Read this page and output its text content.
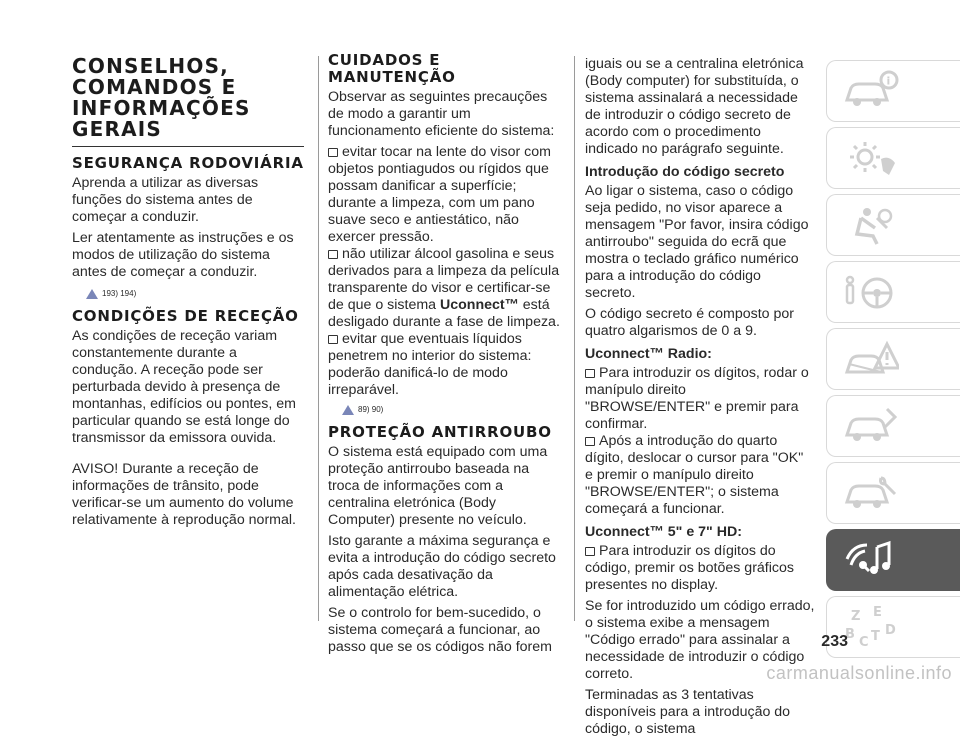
CONSELHOS, COMANDOS E INFORMAÇÕES GERAIS
SEGURANÇA RODOVIÁRIA

Aprenda a utilizar as diversas funções do sistema antes de começar a conduzir.

Ler atentamente as instruções e os modos de utilização do sistema antes de começar a conduzir.

193) 194)
CONDIÇÕES DE RECEÇÃO

As condições de receção variam constantemente durante a condução. A receção pode ser perturbada devido à presença de montanhas, edifícios ou pontes, em particular quando se está longe do transmissor da emissora ouvida.

AVISO! Durante a receção de informações de trânsito, pode verificar-se um aumento do volume relativamente à reprodução normal.

CUIDADOS E MANUTENÇÃO

Observar as seguintes precauções de modo a garantir um funcionamento eficiente do sistema:

evitar tocar na lente do visor com objetos pontiagudos ou rígidos que possam danificar a superfície; durante a limpeza, com um pano suave seco e antiestático, não exercer pressão.

não utilizar álcool gasolina e seus derivados para a limpeza da película transparente do visor e certificar-se de que o sistema Uconnect™ está desligado durante a fase de limpeza.

evitar que eventuais líquidos penetrem no interior do sistema: poderão danificá-lo de modo irreparável.

89) 90)
PROTEÇÃO ANTIRROUBO

O sistema está equipado com uma proteção antirroubo baseada na troca de informações com a centralina eletrónica (Body Computer) presente no veículo.

Isto garante a máxima segurança e evita a introdução do código secreto após cada desativação da alimentação elétrica.

Se o controlo for bem-sucedido, o sistema começará a funcionar, ao passo que se os códigos não forem

iguais ou se a centralina eletrónica (Body computer) for substituída, o sistema assinalará a necessidade de introduzir o código secreto de acordo com o procedimento indicado no parágrafo seguinte.

Introdução do código secreto

Ao ligar o sistema, caso o código seja pedido, no visor aparece a mensagem "Por favor, insira código antirroubo" seguida do ecrã que mostra o teclado gráfico numérico para a introdução do código secreto.

O código secreto é composto por quatro algarismos de 0 a 9.

Uconnect™ Radio:

Para introduzir os dígitos, rodar o manípulo direito "BROWSE/ENTER" e premir para confirmar.

Após a introdução do quarto dígito, deslocar o cursor para "OK" e premir o manípulo direito "BROWSE/ENTER"; o sistema começará a funcionar.

Uconnect™ 5" e 7" HD:

Para introduzir os dígitos do código, premir os botões gráficos presentes no display.

Se for introduzido um código errado, o sistema exibe a mensagem "Código errado" para assinalar a necessidade de introduzir o código correto.

Terminadas as 3 tentativas disponíveis para a introdução do código, o sistema

i
Z E
B
C T D
233
carmanualsonline.info
